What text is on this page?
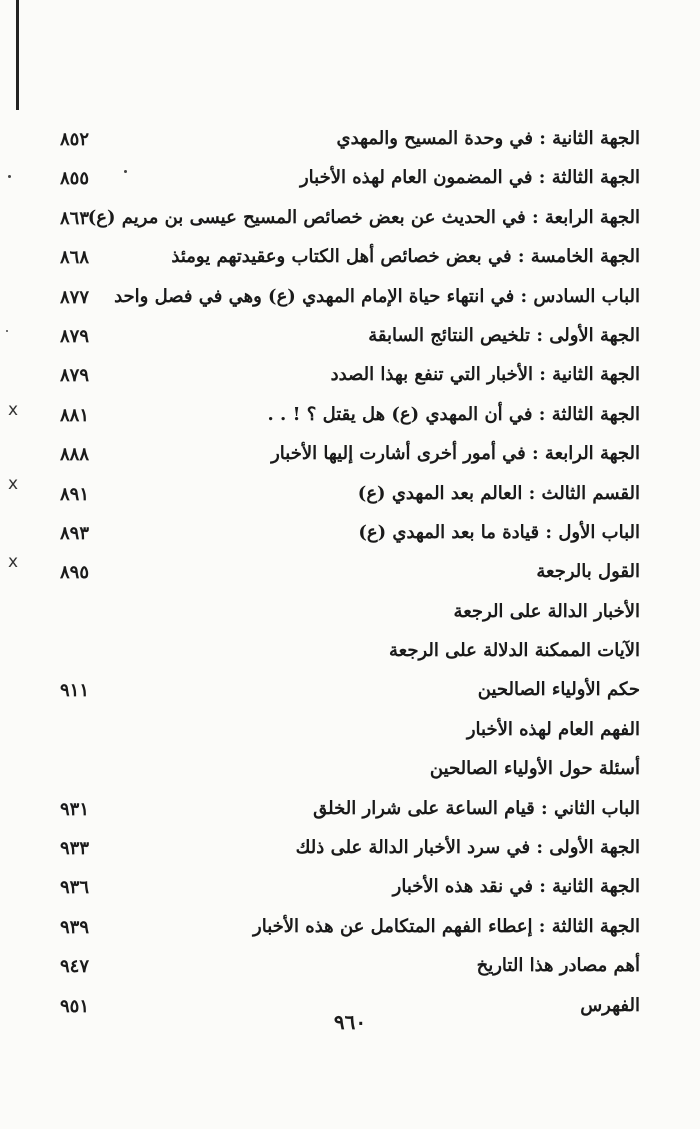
x
x
x
الجهة الثانية : في وحدة المسيح والمهدي
٨٥٢
الجهة الثالثة : في المضمون العام لهذه الأخبار
٨٥٥
الجهة الرابعة : في الحديث عن بعض خصائص المسيح عيسى بن مريم (ع)
٨٦٣
الجهة الخامسة : في بعض خصائص أهل الكتاب وعقيدتهم يومئذ
٨٦٨
الباب السادس : في انتهاء حياة الإمام المهدي (ع) وهي في فصل واحد
٨٧٧
الجهة الأولى : تلخيص النتائج السابقة
٨٧٩
الجهة الثانية : الأخبار التي تنفع بهذا الصدد
٨٧٩
الجهة الثالثة : في أن المهدي (ع) هل يقتل ؟ ! . .
٨٨١
الجهة الرابعة : في أمور أخرى أشارت إليها الأخبار
٨٨٨
القسم الثالث : العالم بعد المهدي (ع)
٨٩١
الباب الأول : قيادة ما بعد المهدي (ع)
٨٩٣
القول بالرجعة
٨٩٥
الأخبار الدالة على الرجعة
الآيات الممكنة الدلالة على الرجعة
حكم الأولياء الصالحين
٩١١
الفهم العام لهذه الأخبار
أسئلة حول الأولياء الصالحين
الباب الثاني : قيام الساعة على شرار الخلق
٩٣١
الجهة الأولى : في سرد الأخبار الدالة على ذلك
٩٣٣
الجهة الثانية : في نقد هذه الأخبار
٩٣٦
الجهة الثالثة : إعطاء الفهم المتكامل عن هذه الأخبار
٩٣٩
أهم مصادر هذا التاريخ
٩٤٧
الفهرس
٩٥١
٩٦٠
